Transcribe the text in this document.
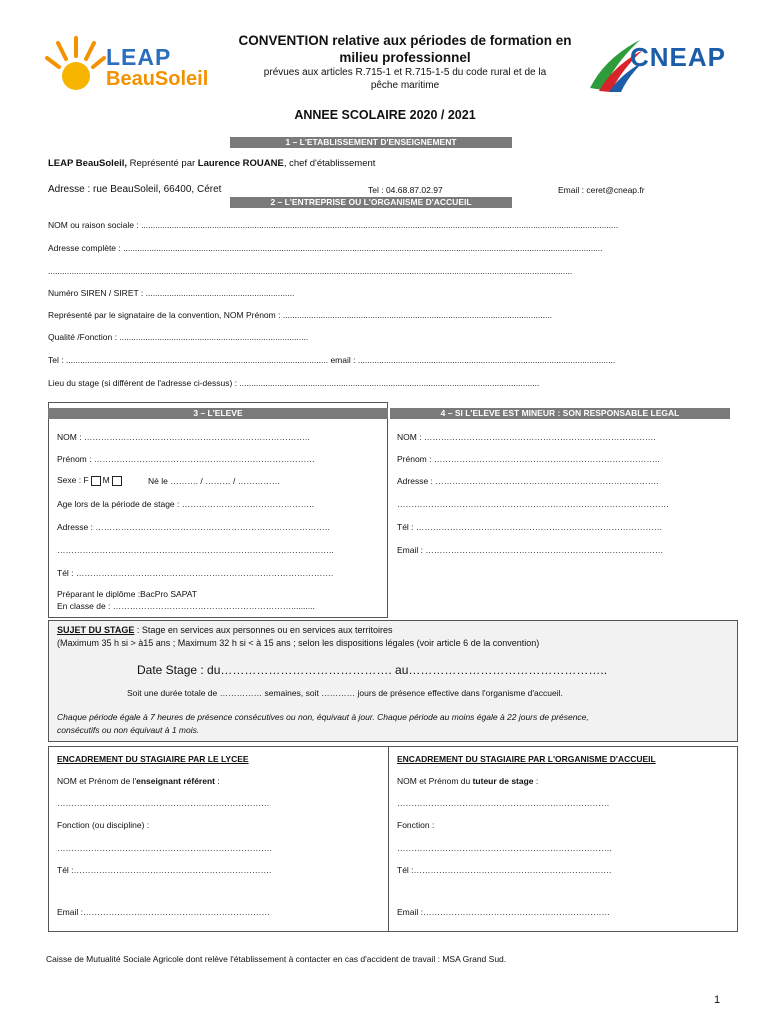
LEAP
BeauSoleil
CNEAP
CONVENTION relative aux périodes de formation en
milieu professionnel
prévues aux articles R.715-1 et R.715-1-5 du code rural et de la
pêche maritime
ANNEE SCOLAIRE 2020 / 2021
1 – L'ETABLISSEMENT D'ENSEIGNEMENT
LEAP BeauSoleil, Représenté par Laurence ROUANE, chef d'établissement
Adresse : rue BeauSoleil, 66400, Céret	Tel : 04.68.87.02.97	Email : ceret@cneap.fr
2 – L'ENTREPRISE OU L'ORGANISME D'ACCUEIL
NOM ou raison sociale : ..........................................................................................................................................................................................................
Adresse complète : ...........................................................................................................................................................................................................
..............................................................................................................................................................................................................................
Numéro SIREN / SIRET : ...............................................................
Représenté par le signataire de la convention, NOM Prénom : ..................................................................................................................
Qualité /Fonction : ................................................................................
Tel : ............................................................................................................... email : .............................................................................................................
Lieu du stage (si différent de l'adresse ci-dessus) : ...............................................................................................................................
3 – L'ELEVE	4 – SI L'ELEVE EST MINEUR : SON RESPONSABLE LEGAL
NOM : ……………………………………………………………………..
Prénom : ……………………………………………………………………
Sexe : F M	Né le ………. / ……… / ……………
Age lors de la période de stage : ………………………………………..
Adresse : ………………………………………………………………………..
……………………………………………………………………………………..
Tél : ……………………………………………………………………………….
Préparant le diplôme :BacPro SAPAT
En classe de : ………………………………………………………..........
NOM : ……………………………………………………………………….
Prénom : ……………………………………………………………………..
Adresse : …………………………………………………………………….
……………………………………………………………………………………
Tél : ……………………………………………………………………………
Email : …………………………………………………………………………
SUJET DU STAGE : Stage en services aux personnes ou en services aux territoires
(Maximum 35 h si > à15 ans ; Maximum 32 h si < à 15 ans ; selon les dispositions légales (voir article 6 de la convention)
Date Stage : du……………………………………. au…………………………………………..
Soit une durée totale de …………… semaines, soit ………… jours de présence effective dans l'organisme d'accueil.
Chaque période égale à 7 heures de présence consécutives ou non, équivaut à jour. Chaque période au moins égale à 22 jours de présence,
consécutifs ou non équivaut à 1 mois.
ENCADREMENT DU STAGIAIRE PAR LE LYCEE
NOM et Prénom de l'enseignant référent :
…………………………………………………………………
Fonction (ou discipline) :
………………………………………………………………….
Tél :…………………………………………………………….
Email :…………………………………………………………
ENCADREMENT DU STAGIAIRE PAR L'ORGANISME D'ACCUEIL
NOM et Prénom du tuteur de stage :
…………………………………………………………………
Fonction :
………………………………………………………………….
Tél :…………………………………………………………….
Email :…………………………………………………………
Caisse de Mutualité Sociale Agricole dont relève l'établissement à contacter en cas d'accident de travail : MSA Grand Sud.
1
